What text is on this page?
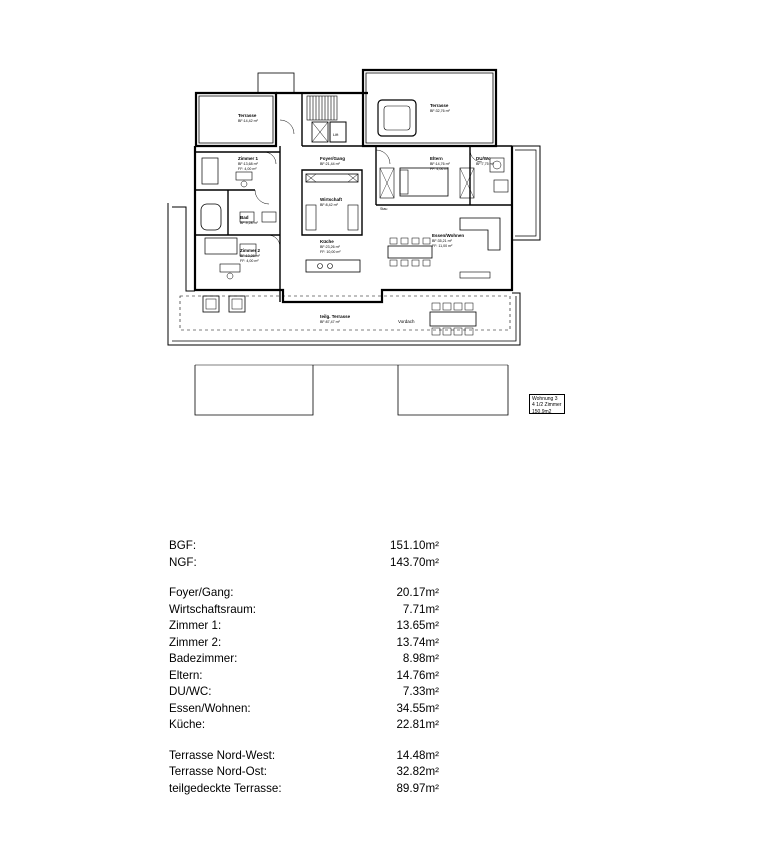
Terrasse
BF:14,42 m²
Terrasse
BF:32,76 m²
Lift
Zimmer 1
BF:13,68 m²
FF: 4,00 m²
Foyer/Gang
BF:21,44 m²
Eltern
BF:14,76 m²
FF: 4,06 m²
DU/Wc
BF:7,75 m²
Wirtschaft
BF:8,42 m²
Stau
Bad
BF:9,28 m²
Essen/Wohnen
BF:35,21 m²
FF: 11,00 m²
Küche
BF:23,26 m²
FF: 10,00 m²
Zimmer 2
BF:13,28 m²
FF: 4,00 m²
teilg. Terrasse
BF:87,47 m²	Vordach
Wohnung 3
4 1/2 Zimmer
150,9m2
BGF:	151.10m²
NGF:	143.70m²
Foyer/Gang:	20.17m²
Wirtschaftsraum:	7.71m²
Zimmer 1:	13.65m²
Zimmer 2:	13.74m²
Badezimmer:	8.98m²
Eltern:	14.76m²
DU/WC:	7.33m²
Essen/Wohnen:	34.55m²
Küche:	22.81m²
Terrasse Nord-West:	14.48m²
Terrasse Nord-Ost:	32.82m²
teilgedeckte Terrasse:	89.97m²
